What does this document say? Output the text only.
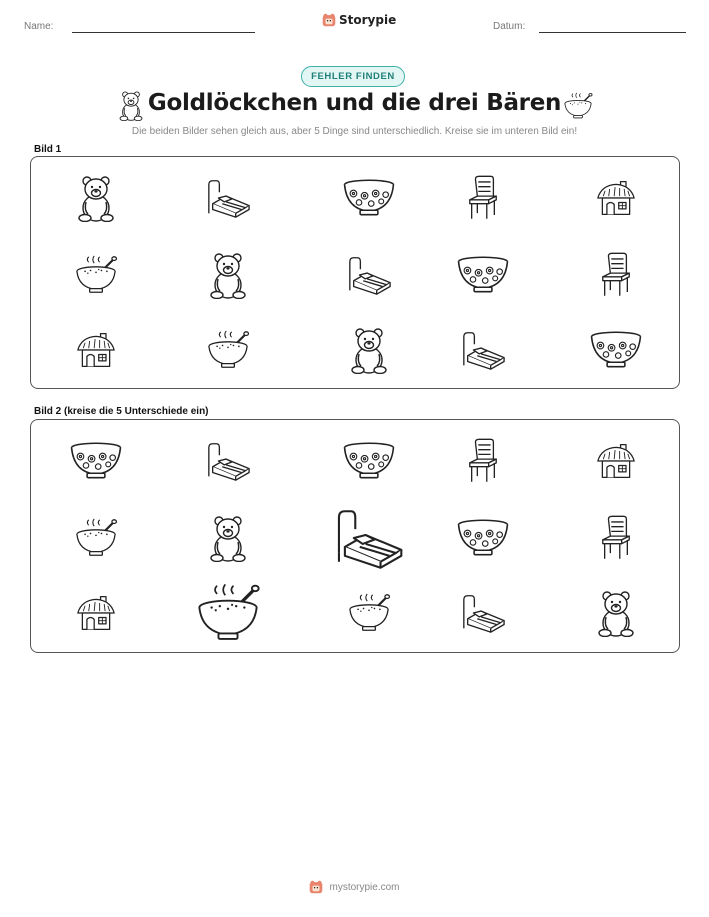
Name:	Storypie	Datum:
FEHLER FINDEN
Goldlöckchen und die drei Bären
Die beiden Bilder sehen gleich aus, aber 5 Dinge sind unterschiedlich. Kreise sie im unteren Bild ein!
Bild 1
Bild 2 (kreise die 5 Unterschiede ein)
mystorypie.com
